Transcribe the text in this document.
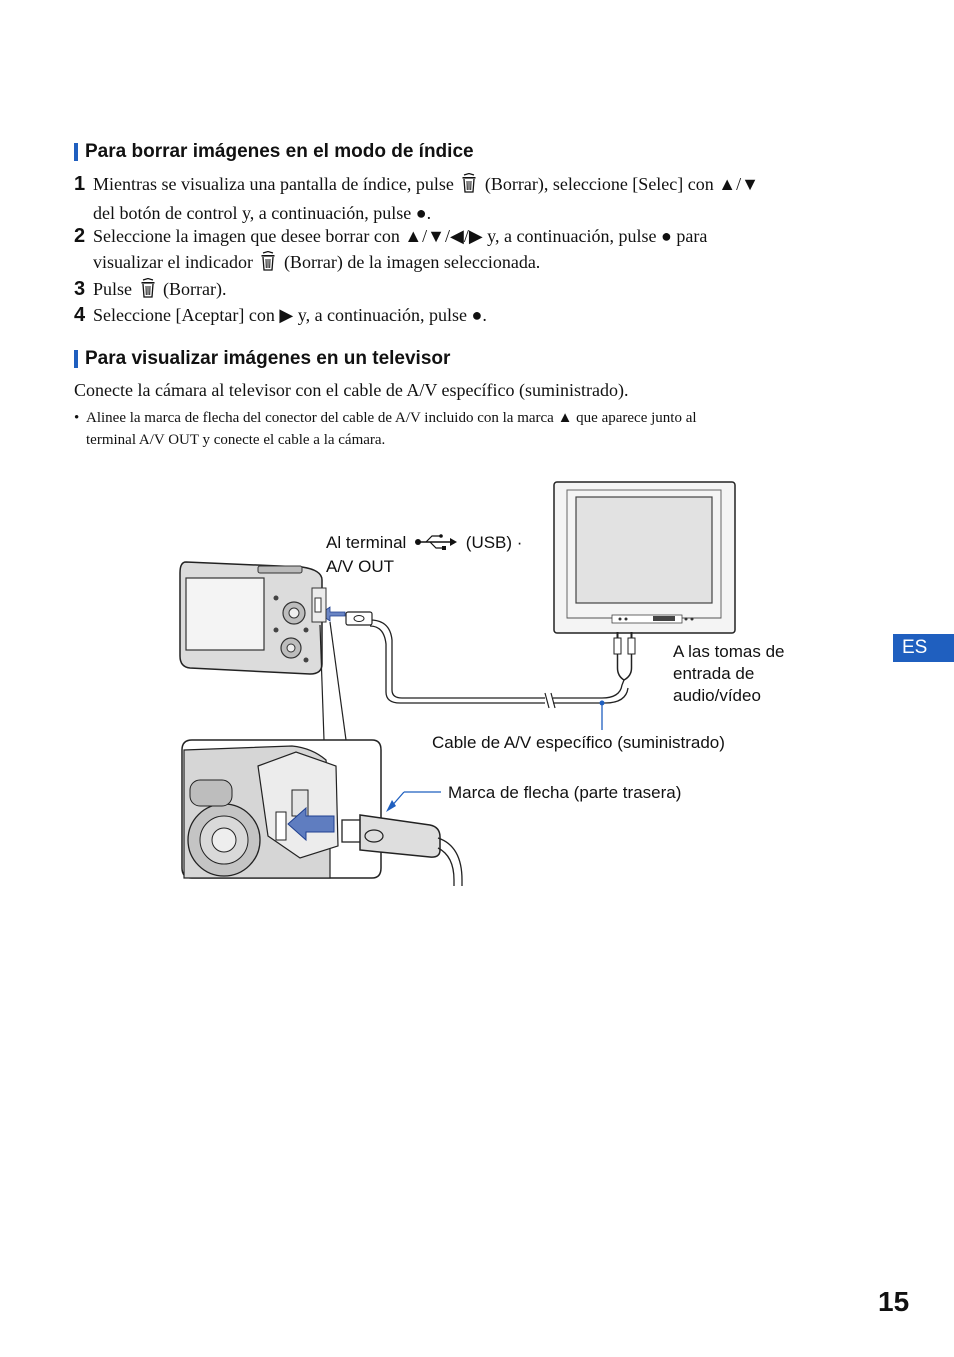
Para borrar imágenes en el modo de índice
1 Mientras se visualiza una pantalla de índice, pulse (Borrar), seleccione [Selec] con ▲/▼
del botón de control y, a continuación, pulse ●.
2 Seleccione la imagen que desee borrar con ▲/▼/◀/▶ y, a continuación, pulse ● para
visualizar el indicador (Borrar) de la imagen seleccionada.
3 Pulse (Borrar).
4 Seleccione [Aceptar] con ▶ y, a continuación, pulse ●.
Para visualizar imágenes en un televisor
Conecte la cámara al televisor con el cable de A/V específico (suministrado).
• Alinee la marca de flecha del conector del cable de A/V incluido con la marca ▲ que aparece junto al
terminal A/V OUT y conecte el cable a la cámara.
Al terminal	(USB) ·
A/V OUT
A las tomas de
entrada de
audio/vídeo
Cable de A/V específico (suministrado)
Marca de flecha (parte trasera)
ES
15
